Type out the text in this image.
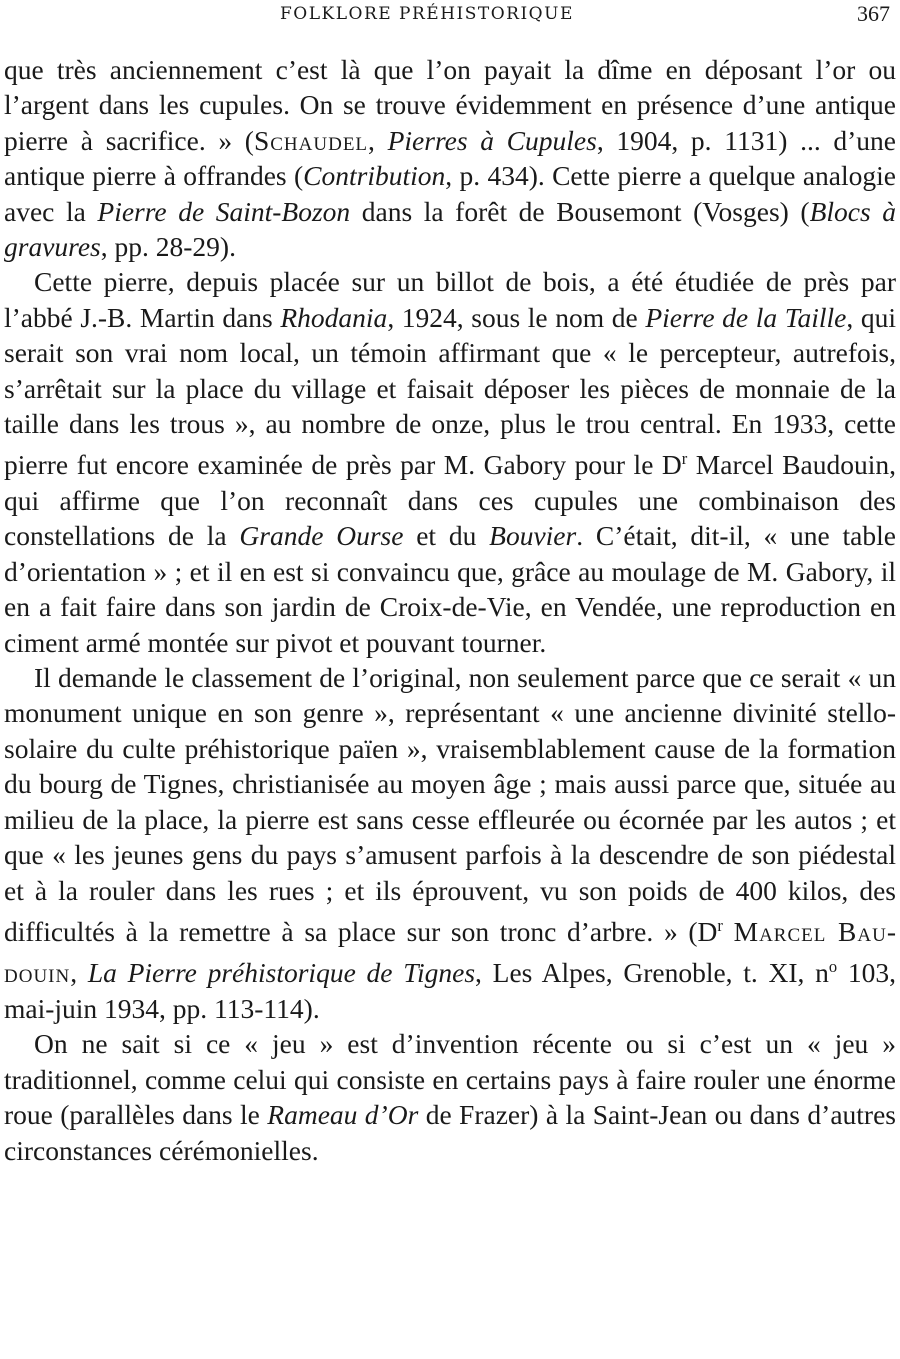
FOLKLORE PRÉHISTORIQUE	367

que très anciennement c’est là que l’on payait la dîme en déposant l’or ou l’argent dans les cupules. On se trouve évidemment en présence d’une antique pierre à sacrifice. » (Schaudel, Pierres à Cupules, 1904, p. 1131) ... d’une antique pierre à offrandes (Contribution, p. 434). Cette pierre a quelque analogie avec la Pierre de Saint-Bozon dans la forêt de Bousemont (Vosges) (Blocs à gravures, pp. 28-29).

Cette pierre, depuis placée sur un billot de bois, a été étudiée de près par l’abbé J.-B. Martin dans Rhodania, 1924, sous le nom de Pierre de la Taille, qui serait son vrai nom local, un témoin affirmant que « le percepteur, autrefois, s’arrêtait sur la place du village et faisait déposer les pièces de monnaie de la taille dans les trous », au nombre de onze, plus le trou central. En 1933, cette pierre fut encore examinée de près par M. Gabory pour le $D^r$ Marcel Baudouin, qui affirme que l’on reconnaît dans ces cupules une combinaison des constellations de la Grande Ourse et du Bouvier. C’était, dit-il, « une table d’orientation » ; et il en est si convaincu que, grâce au moulage de M. Gabory, il en a fait faire dans son jardin de Croix-de-Vie, en Vendée, une reproduction en ciment armé montée sur pivot et pouvant tourner.

Il demande le classement de l’original, non seulement parce que ce serait « un monument unique en son genre », représentant « une ancienne divinité stello-solaire du culte préhistorique païen », vraisemblablement cause de la formation du bourg de Tignes, christianisée au moyen âge ; mais aussi parce que, située au milieu de la place, la pierre est sans cesse effleurée ou écornée par les autos ; et que « les jeunes gens du pays s’amusent parfois à la descendre de son piédestal et à la rouler dans les rues ; et ils éprouvent, vu son poids de 400 kilos, des difficultés à la remettre à sa place sur son tronc d’arbre. » ($D^r$ Marcel Baudouin, La Pierre préhistorique de Tignes, Les Alpes, Grenoble, t. XI, $n^o$ 103, mai-juin 1934, pp. 113-114).

On ne sait si ce « jeu » est d’invention récente ou si c’est un « jeu » traditionnel, comme celui qui consiste en certains pays à faire rouler une énorme roue (parallèles dans le Rameau d’Or de Frazer) à la Saint-Jean ou dans d’autres circonstances cérémonielles.
